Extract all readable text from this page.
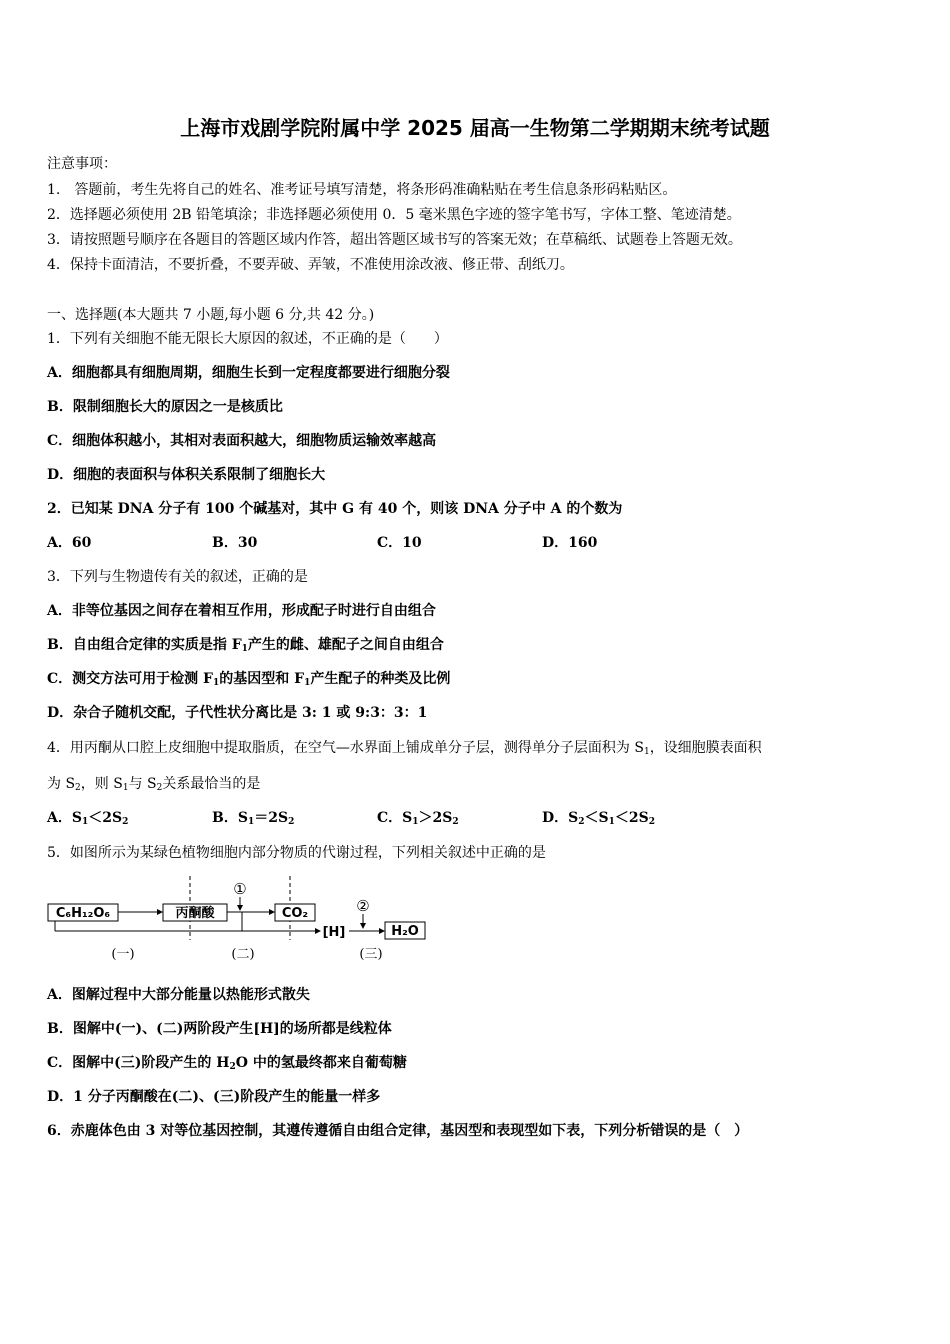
上海市戏剧学院附属中学 2025 届高一生物第二学期期末统考试题
注意事项：
1.　答题前，考生先将自己的姓名、准考证号填写清楚，将条形码准确粘贴在考生信息条形码粘贴区。
2．选择题必须使用 2B 铅笔填涂；非选择题必须使用 0．5 毫米黑色字迹的签字笔书写，字体工整、笔迹清楚。
3．请按照题号顺序在各题目的答题区域内作答，超出答题区域书写的答案无效；在草稿纸、试题卷上答题无效。
4．保持卡面清洁，不要折叠，不要弄破、弄皱，不准使用涂改液、修正带、刮纸刀。
一、选择题(本大题共 7 小题,每小题 6 分,共 42 分。)
1．下列有关细胞不能无限长大原因的叙述，不正确的是（　　）
A．细胞都具有细胞周期，细胞生长到一定程度都要进行细胞分裂
B．限制细胞长大的原因之一是核质比
C．细胞体积越小，其相对表面积越大，细胞物质运输效率越高
D．细胞的表面积与体积关系限制了细胞长大
2．已知某 DNA 分子有 100 个碱基对，其中 G 有 40 个，则该 DNA 分子中 A 的个数为
A．60	B．30	C．10	D．160
3．下列与生物遗传有关的叙述，正确的是
A．非等位基因之间存在着相互作用，形成配子时进行自由组合
B．自由组合定律的实质是指 $F_1$产生的雌、雄配子之间自由组合
C．测交方法可用于检测 $F_1$的基因型和 $F_1$产生配子的种类及比例
D．杂合子随机交配，子代性状分离比是 3: 1 或 9:3：3：1
4．用丙酮从口腔上皮细胞中提取脂质，在空气—水界面上铺成单分子层，测得单分子层面积为 $S_1$，设细胞膜表面积
为 $S_2$，则 $S_1$与 $S_2$关系最恰当的是
A．$S_1<2S_2$	B．$S_1=2S_2$	C．$S_1>2S_2$	D．$S_2<S_1<2S_2$
5．如图所示为某绿色植物细胞内部分物质的代谢过程，下列相关叙述中正确的是
C₆H₁₂O₆	丙酮酸
①
CO₂
[H]
②
H₂O
(一)	(二)	(三)
A．图解过程中大部分能量以热能形式散失
B．图解中(一)、(二)两阶段产生[H]的场所都是线粒体
C．图解中(三)阶段产生的 $H_2O$ 中的氢最终都来自葡萄糖
D．1 分子丙酮酸在(二)、(三)阶段产生的能量一样多
6．赤鹿体色由 3 对等位基因控制，其遵传遵循自由组合定律，基因型和表现型如下表，下列分析错误的是（　）
